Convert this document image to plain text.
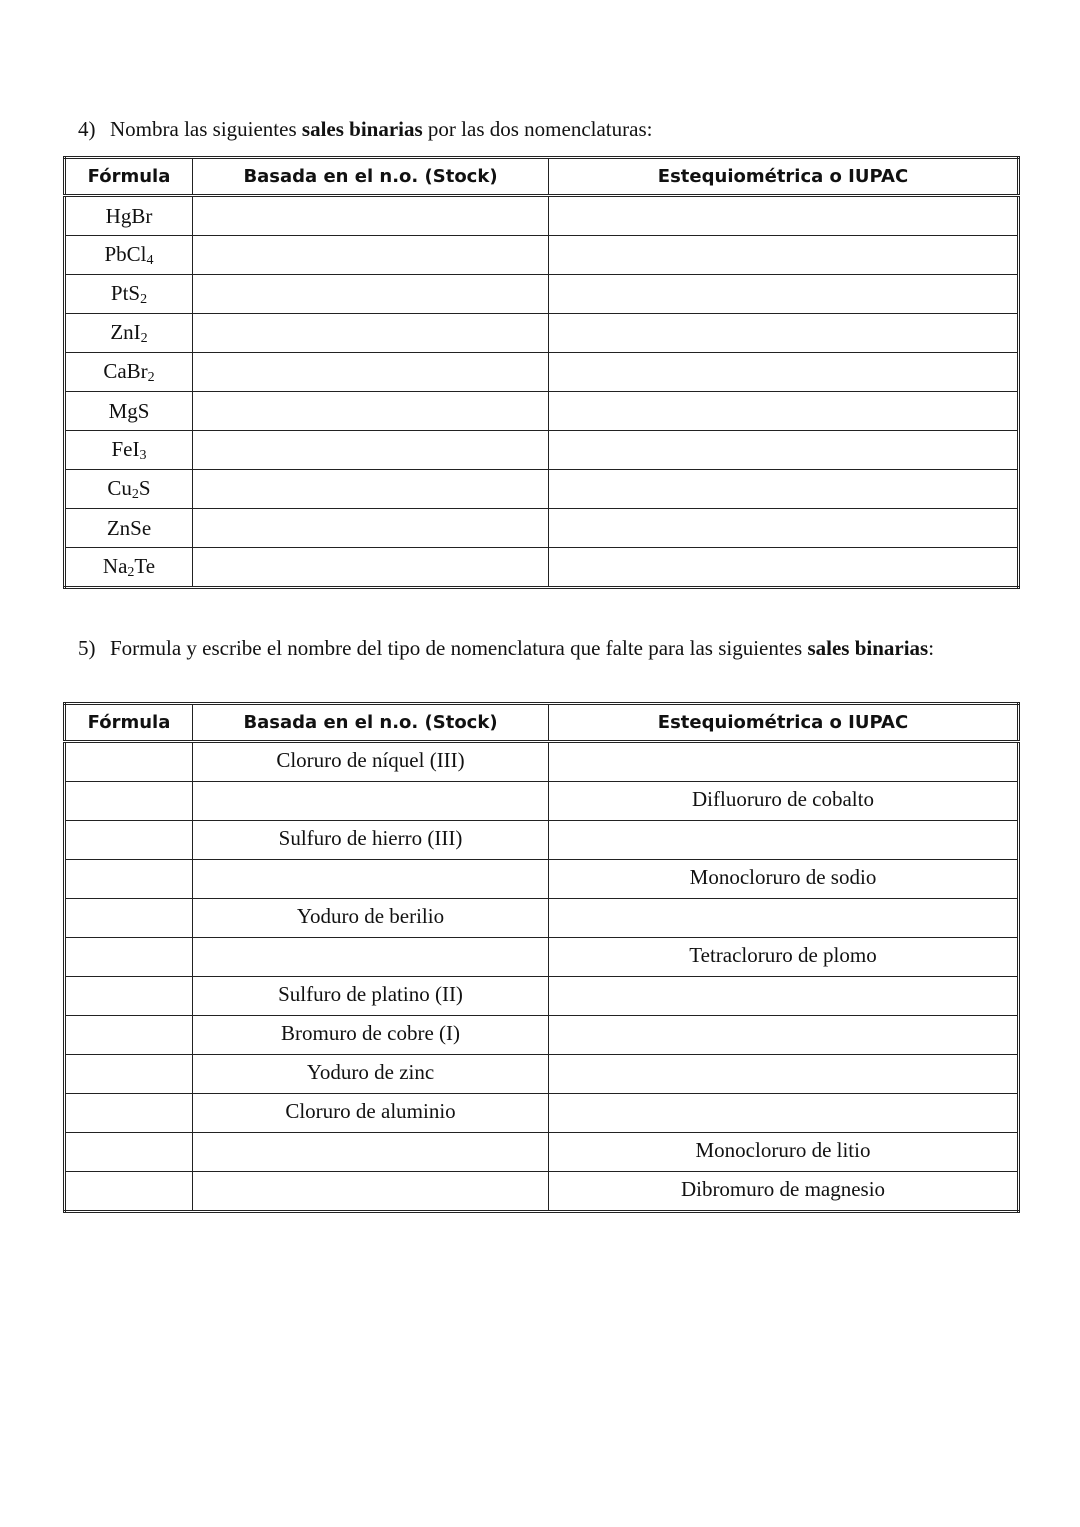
4) Nombra las siguientes sales binarias por las dos nomenclaturas:
Fórmula	Basada en el n.o. (Stock)	Estequiométrica o IUPAC
HgBr		
PbCl$_4$		
PtS$_2$		
ZnI$_2$		
CaBr$_2$		
MgS		
FeI$_3$		
$Cu_2S$		
ZnSe		
$Na_2Te$		
5) Formula y escribe el nombre del tipo de nomenclatura que falte para las siguientes sales binarias:
Fórmula	Basada en el n.o. (Stock)	Estequiométrica o IUPAC
	Cloruro de níquel (III)	
		Difluoruro de cobalto
	Sulfuro de hierro (III)	
		Monocloruro de sodio
	Yoduro de berilio	
		Tetracloruro de plomo
	Sulfuro de platino (II)	
	Bromuro de cobre (I)	
	Yoduro de zinc	
	Cloruro de aluminio	
		Monocloruro de litio
		Dibromuro de magnesio
